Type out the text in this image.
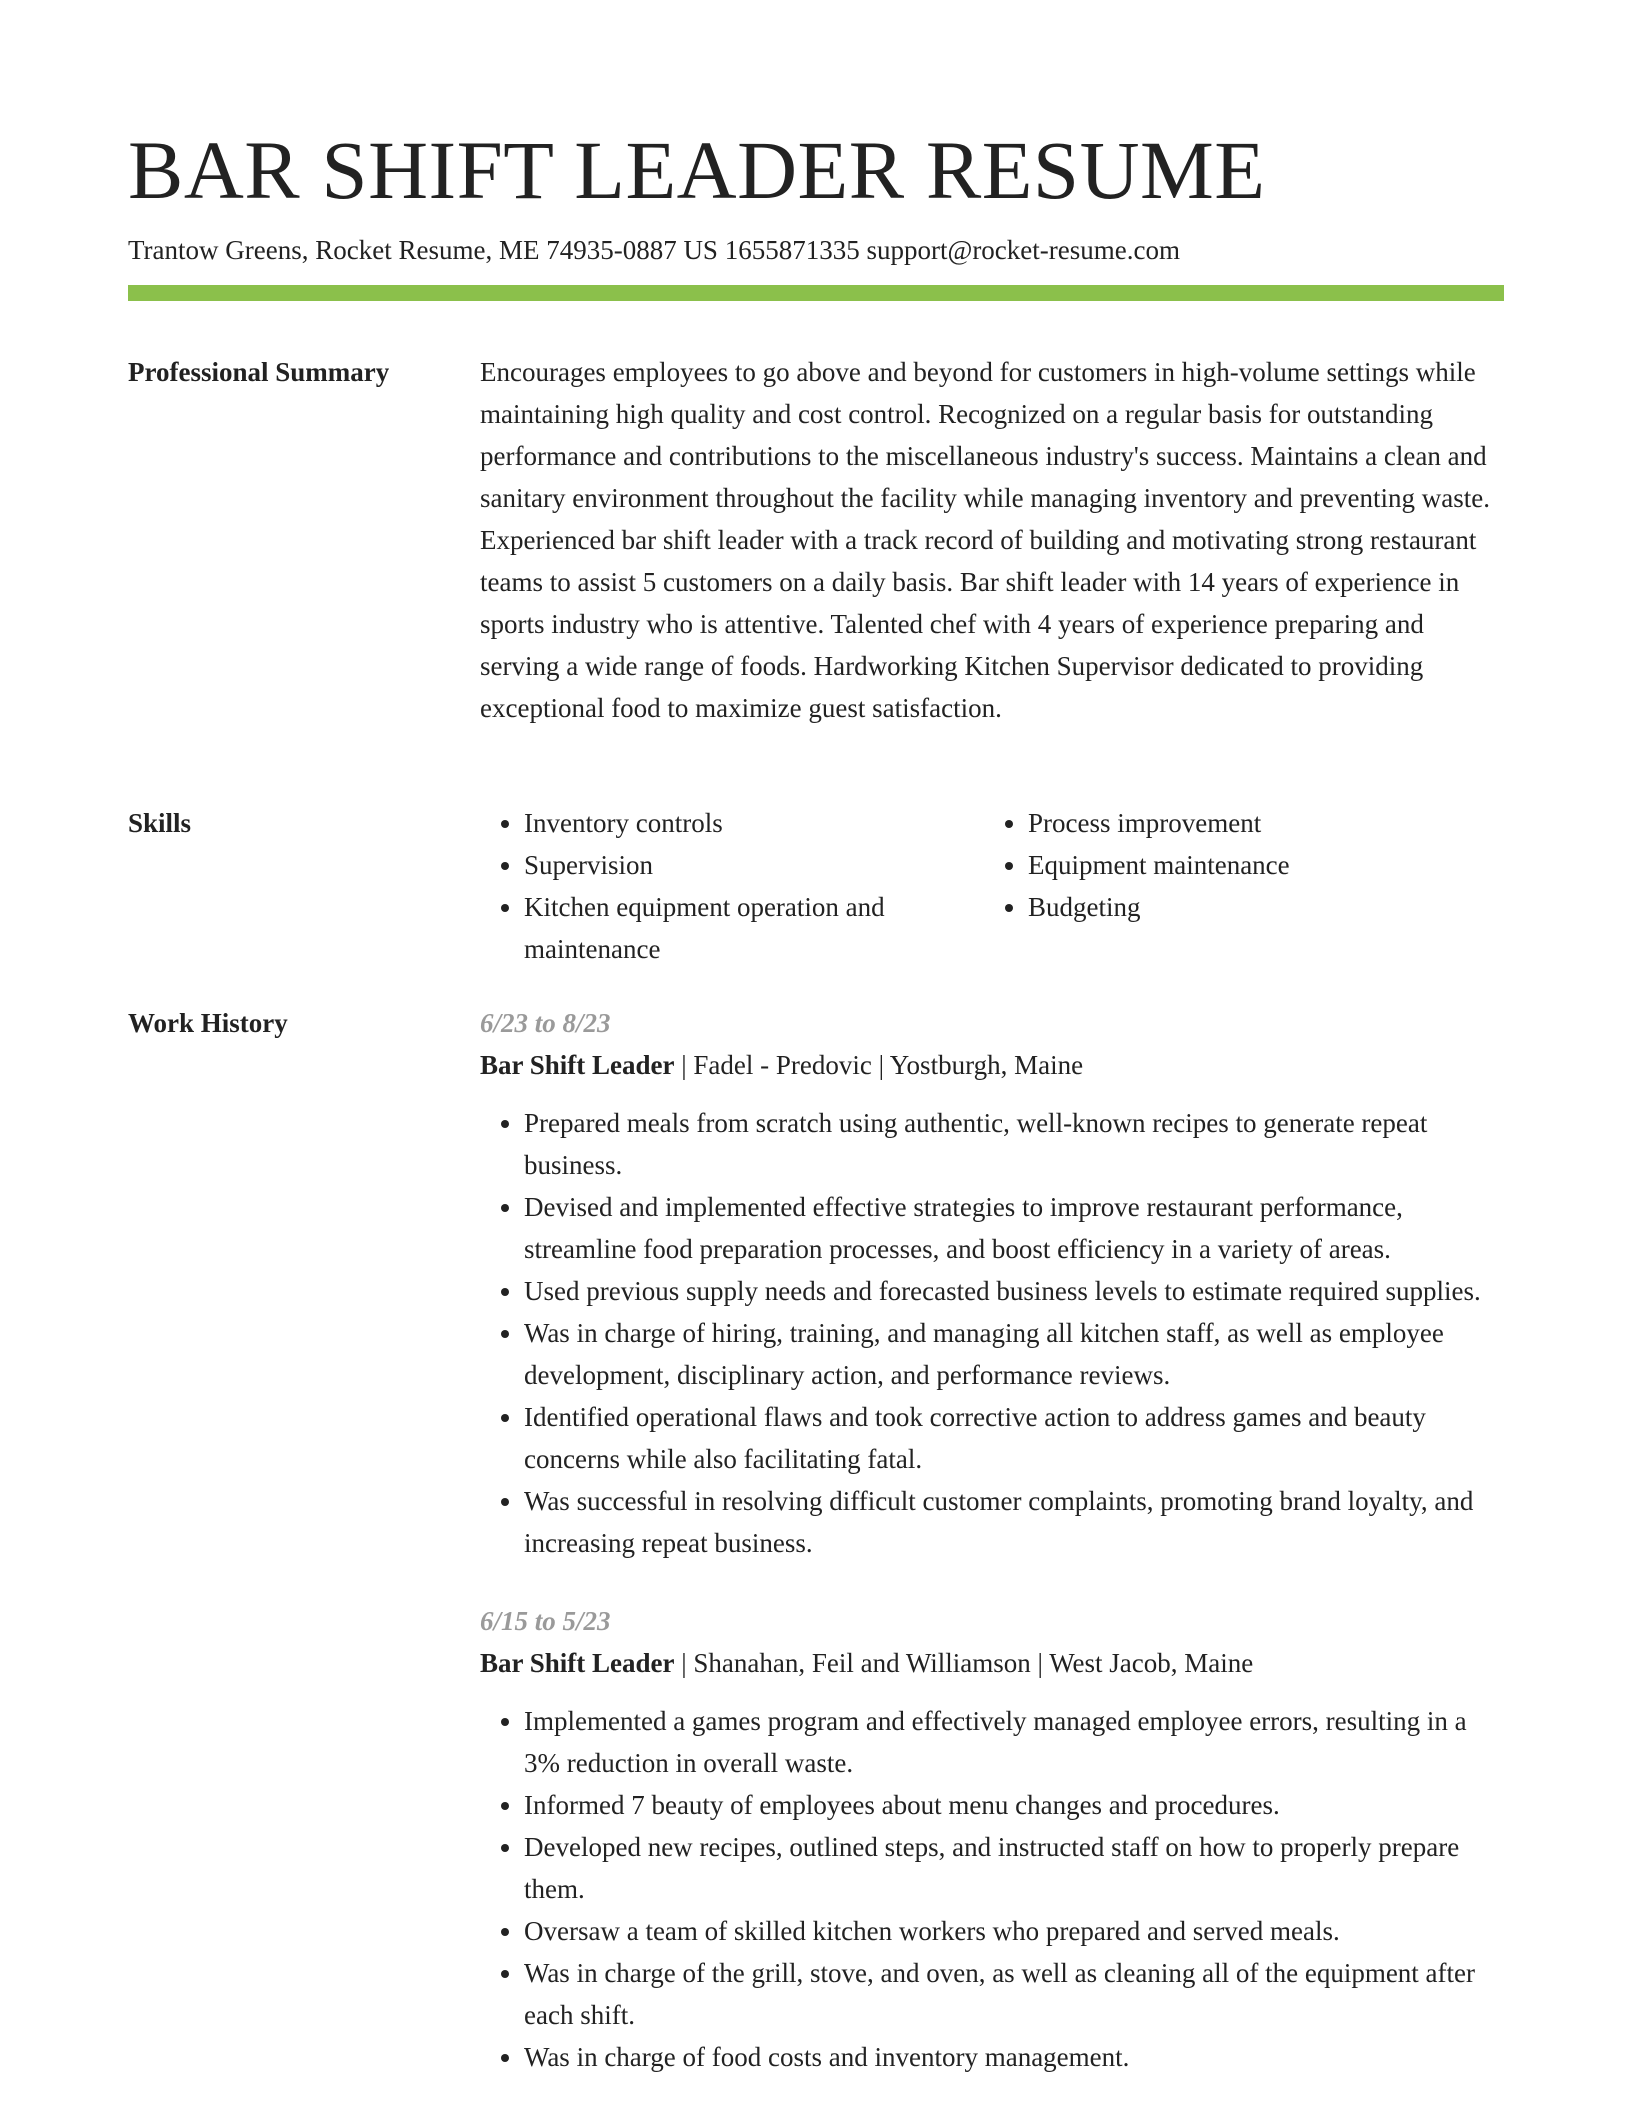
BAR SHIFT LEADER RESUME
Trantow Greens, Rocket Resume, ME 74935-0887 US 1655871335 support@rocket-resume.com
Professional Summary	Encourages employees to go above and beyond for customers in high-volume settings while maintaining high quality and cost control. Recognized on a regular basis for outstanding performance and contributions to the miscellaneous industry's success. Maintains a clean and sanitary environment throughout the facility while managing inventory and preventing waste. Experienced bar shift leader with a track record of building and motivating strong restaurant teams to assist 5 customers on a daily basis. Bar shift leader with 14 years of experience in sports industry who is attentive. Talented chef with 4 years of experience preparing and serving a wide range of foods. Hardworking Kitchen Supervisor dedicated to providing exceptional food to maximize guest satisfaction.

Skills
•	Inventory controls
• Supervision
• Kitchen equipment operation and maintenance
• Process improvement
• Equipment maintenance
• Budgeting
Work History	6/23 to 8/23
Bar Shift Leader | Fadel - Predovic | Yostburgh, Maine
• Prepared meals from scratch using authentic, well-known recipes to generate repeat business.
• Devised and implemented effective strategies to improve restaurant performance, streamline food preparation processes, and boost efficiency in a variety of areas.
• Used previous supply needs and forecasted business levels to estimate required supplies.
• Was in charge of hiring, training, and managing all kitchen staff, as well as employee development, disciplinary action, and performance reviews.
• Identified operational flaws and took corrective action to address games and beauty concerns while also facilitating fatal.
• Was successful in resolving difficult customer complaints, promoting brand loyalty, and increasing repeat business.
6/15 to 5/23
Bar Shift Leader | Shanahan, Feil and Williamson | West Jacob, Maine
• Implemented a games program and effectively managed employee errors, resulting in a 3% reduction in overall waste.
• Informed 7 beauty of employees about menu changes and procedures.
• Developed new recipes, outlined steps, and instructed staff on how to properly prepare them.
• Oversaw a team of skilled kitchen workers who prepared and served meals.
• Was in charge of the grill, stove, and oven, as well as cleaning all of the equipment after each shift.
• Was in charge of food costs and inventory management.
